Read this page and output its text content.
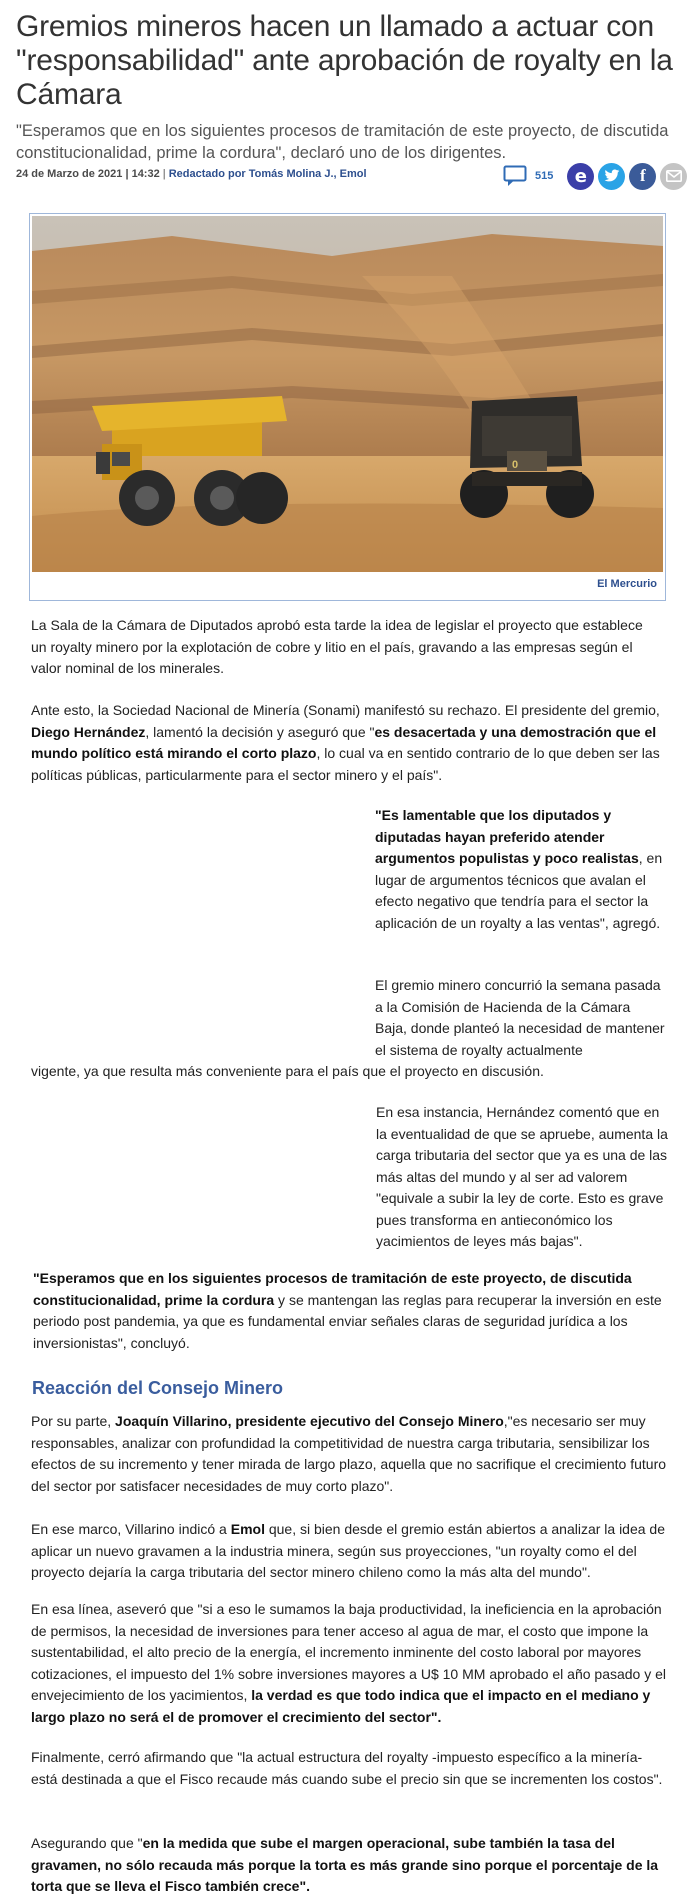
Gremios mineros hacen un llamado a actuar con "responsabilidad" ante aprobación de royalty en la Cámara

"Esperamos que en los siguientes procesos de tramitación de este proyecto, de discutida constitucionalidad, prime la cordura", declaró uno de los dirigentes.

24 de Marzo de 2021 | 14:32 | Redactado por Tomás Molina J., Emol	515	e	f
0
El Mercurio

La Sala de la Cámara de Diputados aprobó esta tarde la idea de legislar el proyecto que establece un royalty minero por la explotación de cobre y litio en el país, gravando a las empresas según el valor nominal de los minerales.

Ante esto, la Sociedad Nacional de Minería (Sonami) manifestó su rechazo. El presidente del gremio, Diego Hernández, lamentó la decisión y aseguró que "es desacertada y una demostración que el mundo político está mirando el corto plazo, lo cual va en sentido contrario de lo que deben ser las políticas públicas, particularmente para el sector minero y el país".

"Es lamentable que los diputados y diputadas hayan preferido atender argumentos populistas y poco realistas, en lugar de argumentos técnicos que avalan el efecto negativo que tendría para el sector la aplicación de un royalty a las ventas", agregó.

El gremio minero concurrió la semana pasada a la Comisión de Hacienda de la Cámara Baja, donde planteó la necesidad de mantener el sistema de royalty actualmente

vigente, ya que resulta más conveniente para el país que el proyecto en discusión.

En esa instancia, Hernández comentó que en la eventualidad de que se apruebe, aumenta la carga tributaria del sector que ya es una de las más altas del mundo y al ser ad valorem "equivale a subir la ley de corte. Esto es grave pues transforma en antieconómico los yacimientos de leyes más bajas".

"Esperamos que en los siguientes procesos de tramitación de este proyecto, de discutida constitucionalidad, prime la cordura y se mantengan las reglas para recuperar la inversión en este periodo post pandemia, ya que es fundamental enviar señales claras de seguridad jurídica a los inversionistas", concluyó.

Reacción del Consejo Minero

Por su parte, Joaquín Villarino, presidente ejecutivo del Consejo Minero,"es necesario ser muy responsables, analizar con profundidad la competitividad de nuestra carga tributaria, sensibilizar los efectos de su incremento y tener mirada de largo plazo, aquella que no sacrifique el crecimiento futuro del sector por satisfacer necesidades de muy corto plazo".

En ese marco, Villarino indicó a Emol que, si bien desde el gremio están abiertos a analizar la idea de aplicar un nuevo gravamen a la industria minera, según sus proyecciones, "un royalty como el del proyecto dejaría la carga tributaria del sector minero chileno como la más alta del mundo".

En esa línea, aseveró que "si a eso le sumamos la baja productividad, la ineficiencia en la aprobación de permisos, la necesidad de inversiones para tener acceso al agua de mar, el costo que impone la sustentabilidad, el alto precio de la energía, el incremento inminente del costo laboral por mayores cotizaciones, el impuesto del 1% sobre inversiones mayores a U$ 10 MM aprobado el año pasado y el envejecimiento de los yacimientos, la verdad es que todo indica que el impacto en el mediano y largo plazo no será el de promover el crecimiento del sector".

Finalmente, cerró afirmando que "la actual estructura del royalty -impuesto específico a la minería- está destinada a que el Fisco recaude más cuando sube el precio sin que se incrementen los costos".

Asegurando que "en la medida que sube el margen operacional, sube también la tasa del gravamen, no sólo recauda más porque la torta es más grande sino porque el porcentaje de la torta que se lleva el Fisco también crece".
